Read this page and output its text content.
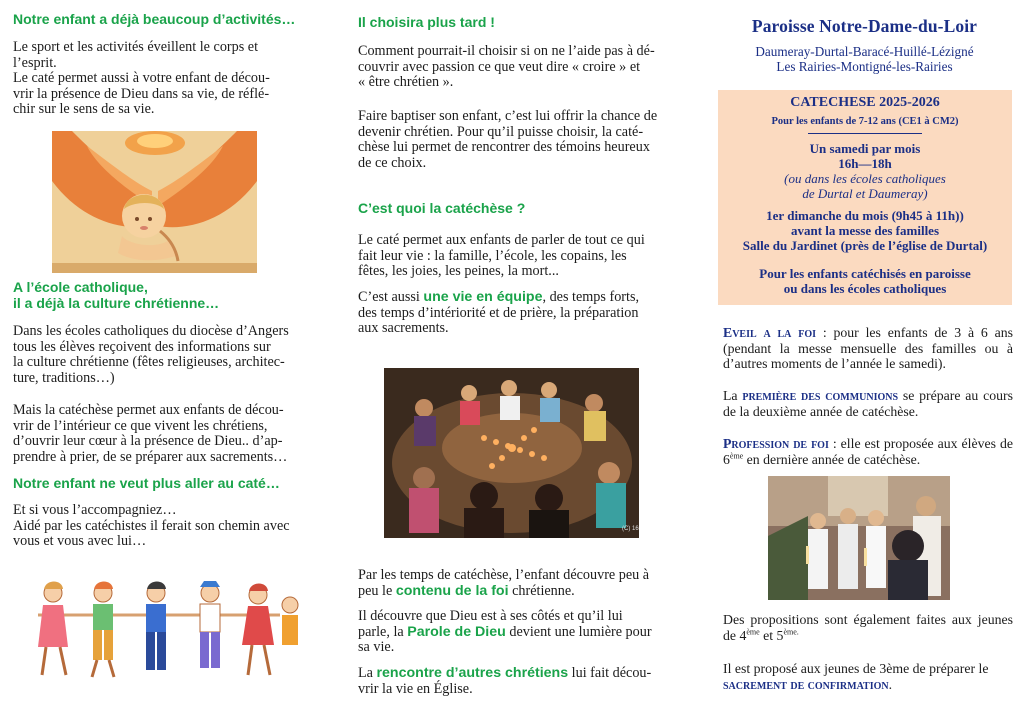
Notre enfant a déjà beaucoup d’activités…
Le sport et les activités éveillent le corps et
l’esprit.
Le caté permet aussi à votre enfant de décou-
vrir la présence de Dieu dans sa vie, de réflé-
chir sur le sens de sa vie.
A l’école catholique,
il a déjà la culture chrétienne…
Dans les écoles catholiques du diocèse d’Angers
tous les élèves reçoivent des informations sur
la culture chrétienne (fêtes religieuses, architec-
ture, traditions…)
Mais la catéchèse permet aux enfants de décou-
vrir de l’intérieur ce que vivent les chrétiens,
d’ouvrir leur cœur à la présence de Dieu.. d’ap-
prendre à prier, de se préparer aux sacrements…
Notre enfant ne veut plus aller au caté…
Et si vous l’accompagniez…
Aidé par les catéchistes il ferait son chemin avec
vous et vous avec lui…
Il choisira plus tard !
Comment pourrait-il choisir si on ne l’aide pas à dé-
couvrir avec passion ce que veut dire « croire » et
« être chrétien ».
Faire baptiser son enfant, c’est lui offrir la chance de
devenir chrétien. Pour qu’il puisse choisir, la caté-
chèse lui permet de rencontrer des témoins heureux
de ce choix.
C’est quoi la catéchèse ?
Le caté permet aux enfants de parler de tout ce qui
fait leur vie : la famille, l’école, les copains, les
fêtes, les joies, les peines, la mort...
C’est aussi une vie en équipe, des temps forts,
des temps d’intériorité et de prière, la préparation
aux sacrements.
(C) 16
Par les temps de catéchèse, l’enfant découvre peu à
peu le contenu de la foi chrétienne.
Il découvre que Dieu est à ses côtés et qu’il lui
parle, la Parole de Dieu devient une lumière pour
sa vie.
La rencontre d’autres chrétiens lui fait décou-
vrir la vie en Église.
Paroisse Notre-Dame-du-Loir
Daumeray-Durtal-Baracé-Huillé-Lézigné
Les Rairies-Montigné-les-Rairies
CATECHESE 2025-2026
Pour les enfants de 7-12 ans (CE1 à CM2)
Un samedi par mois
16h—18h
(ou dans les écoles catholiques
de Durtal et Daumeray)
1er dimanche du mois (9h45 à 11h))
avant la messe des familles
Salle du Jardinet (près de l’église de Durtal)
Pour les enfants catéchisés en paroisse
ou dans les écoles catholiques
Eveil a la foi : pour les enfants de 3 à 6 ans (pendant la messe mensuelle des familles ou à d’autres moments de l’année le samedi).
La première des communions se prépare au cours de la deuxième année de catéchèse.
Profession de foi : elle est proposée aux élèves de 6ème en dernière année de catéchèse.
Des propositions sont également faites aux jeunes de 4ème et $5^{ème.}$
Il est proposé aux jeunes de 3ème de préparer le sacrement de confirmation.
